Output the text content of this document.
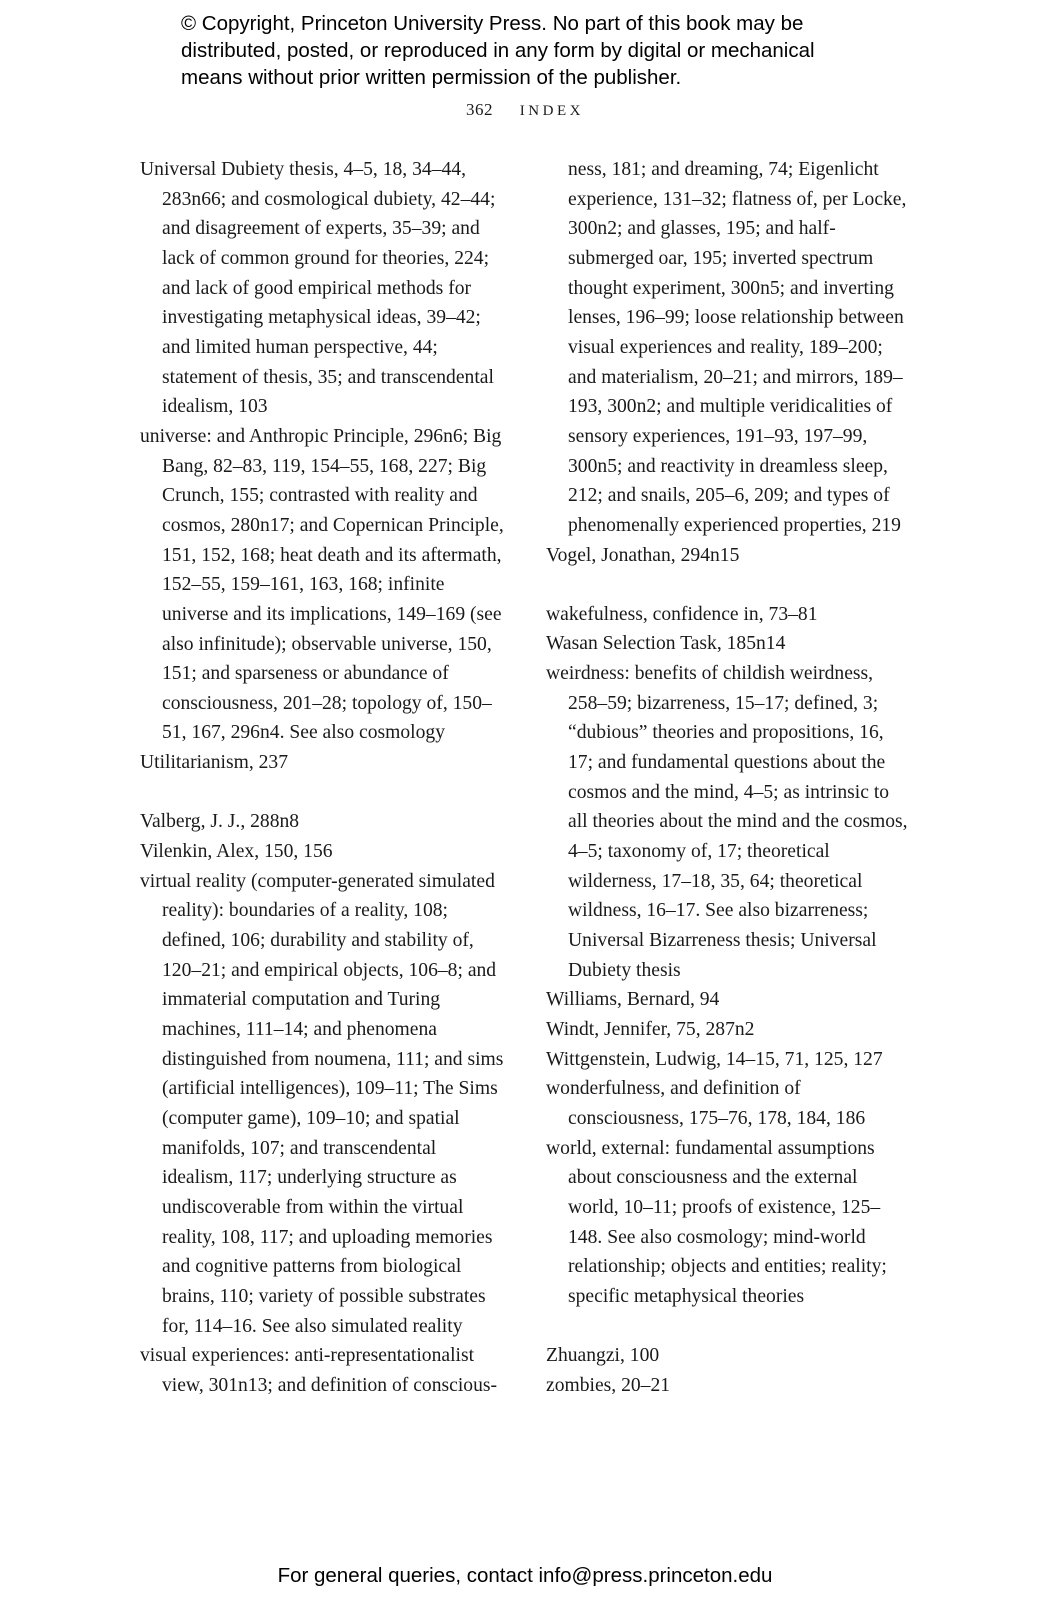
© Copyright, Princeton University Press. No part of this book may be
distributed, posted, or reproduced in any form by digital or mechanical
means without prior written permission of the publisher.
362 INDEX

Universal Dubiety thesis, 4–5, 18, 34–44, 283n66; and cosmological dubiety, 42–44; and disagreement of experts, 35–39; and lack of common ground for theories, 224; and lack of good empirical methods for investigating metaphysical ideas, 39–42; and limited human perspective, 44; statement of thesis, 35; and transcendental idealism, 103

universe: and Anthropic Principle, 296n6; Big Bang, 82–83, 119, 154–55, 168, 227; Big Crunch, 155; contrasted with reality and cosmos, 280n17; and Copernican Principle, 151, 152, 168; heat death and its aftermath, 152–55, 159–161, 163, 168; infinite universe and its implications, 149–169 (see also infinitude); observable universe, 150, 151; and sparseness or abundance of consciousness, 201–28; topology of, 150–51, 167, 296n4. See also cosmology

Utilitarianism, 237

Valberg, J. J., 288n8

Vilenkin, Alex, 150, 156

virtual reality (computer-generated simulated reality): boundaries of a reality, 108; defined, 106; durability and stability of, 120–21; and empirical objects, 106–8; and immaterial computation and Turing machines, 111–14; and phenomena distinguished from noumena, 111; and sims (artificial intelligences), 109–11; The Sims (computer game), 109–10; and spatial manifolds, 107; and transcendental idealism, 117; underlying structure as undiscoverable from within the virtual reality, 108, 117; and uploading memories and cognitive patterns from biological brains, 110; variety of possible substrates for, 114–16. See also simulated reality

visual experiences: anti-representationalist view, 301n13; and definition of conscious-

ness, 181; and dreaming, 74; Eigenlicht experience, 131–32; flatness of, per Locke, 300n2; and glasses, 195; and half-submerged oar, 195; inverted spectrum thought experiment, 300n5; and inverting lenses, 196–99; loose relationship between visual experiences and reality, 189–200; and materialism, 20–21; and mirrors, 189–193, 300n2; and multiple veridicalities of sensory experiences, 191–93, 197–99, 300n5; and reactivity in dreamless sleep, 212; and snails, 205–6, 209; and types of phenomenally experienced properties, 219

Vogel, Jonathan, 294n15

wakefulness, confidence in, 73–81

Wasan Selection Task, 185n14

weirdness: benefits of childish weirdness, 258–59; bizarreness, 15–17; defined, 3; “dubious” theories and propositions, 16, 17; and fundamental questions about the cosmos and the mind, 4–5; as intrinsic to all theories about the mind and the cosmos, 4–5; taxonomy of, 17; theoretical wilderness, 17–18, 35, 64; theoretical wildness, 16–17. See also bizarreness; Universal Bizarreness thesis; Universal Dubiety thesis

Williams, Bernard, 94

Windt, Jennifer, 75, 287n2

Wittgenstein, Ludwig, 14–15, 71, 125, 127

wonderfulness, and definition of consciousness, 175–76, 178, 184, 186

world, external: fundamental assumptions about consciousness and the external world, 10–11; proofs of existence, 125–148. See also cosmology; mind-world relationship; objects and entities; reality; specific metaphysical theories

Zhuangzi, 100

zombies, 20–21

For general queries, contact info@press.princeton.edu
